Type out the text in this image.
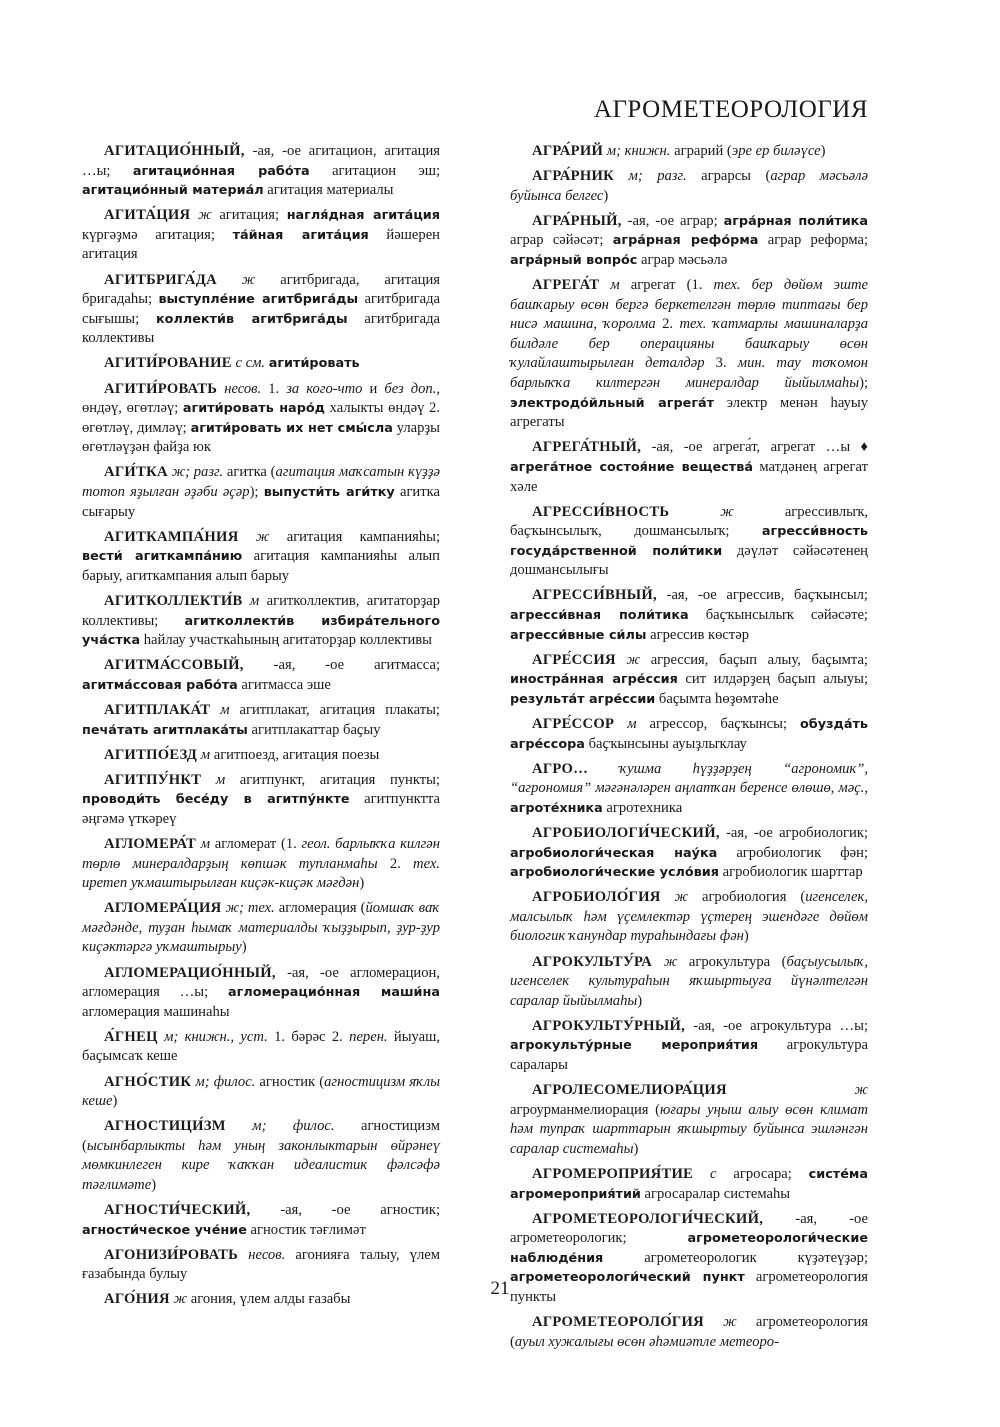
АГРОМЕТЕОРОЛОГИЯ

АГИТАЦИО́ННЫЙ, -ая, -ое агитацион, агитация …ы; агитацио́нная рабо́та агитацион эш; агитацио́нный материа́л агитация материалы

АГИТА́ЦИЯ ж агитация; нагля́дная агита́ция күргәҙмә агитация; та́йная агита́ция йәшерен агитация

АГИТБРИГА́ДА ж агитбригада, агитация бригадаһы; выступле́ние агитбрига́ды агитбригада сығышы; коллекти́в агитбрига́ды агитбригада коллективы

АГИТИ́РОВАНИЕ с см. агити́ровать

АГИТИ́РОВАТЬ несов. 1. за кого-что и без доп., өндәү, өгөтләү; агити́ровать наро́д халыкты өндәү 2. өгөтләү, димләү; агити́ровать их нет смы́сла уларҙы өгөтләүҙән файҙа юк

АГИ́ТКА ж; разг. агитка (агитация маҡсатын күҙҙә тотоп яҙылған әҙәби әҫәр); выпусти́ть аги́тку агитка сығарыу

АГИТКАМПА́НИЯ ж агитация кампанияһы; вести́ агиткампа́нию агитация кампанияһы алып барыу, агиткампания алып барыу

АГИТКОЛЛЕКТИ́В м агитколлектив, агитаторҙар коллективы; агитколлекти́в избира́тельного уча́стка һайлау участкаһының агитаторҙар коллективы

АГИТМА́ССОВЫЙ, -ая, -ое агитмасса; агитма́ссовая рабо́та агитмасса эше

АГИТПЛАКА́Т м агитплакат, агитация плакаты; печа́тать агитплака́ты агитплакаттар баҫыу

АГИТПО́ЕЗД м агитпоезд, агитация поезы

АГИТПУ́НКТ м агитпункт, агитация пункты; проводи́ть бесе́ду в агитпу́нкте агитпунктта әңгәмә үткәреү

АГЛОМЕРА́Т м агломерат (1. геол. барлыҡҡа килгән төрлө минералдарҙың көпшәк тупланмаһы 2. тех. иретеп уҡмаштырылған киҫәк-киҫәк мәғдән)

АГЛОМЕРА́ЦИЯ ж; тех. агломерация (йомшаҡ ваҡ мәғдәнде, туҙан һымаҡ материалды ҡыҙҙырып, ҙур-ҙур киҫәктәргә уҡмаштырыу)

АГЛОМЕРАЦИО́ННЫЙ, -ая, -ое агломерацион, агломерация …ы; агломерацио́нная маши́на агломерация машинаһы

А́ГНЕЦ м; книжн., уст. 1. бәрәс 2. перен. йыуаш, баҫымсаҡ кеше

АГНО́СТИК м; филос. агностик (агностицизм яҡлы кеше)

АГНОСТИЦИ́ЗМ м; филос. агностицизм (ысынбарлыкты һәм уның законлыктарын өйрәнеү мөмкинлеген кире ҡаҡҡан идеалистик фәлсәфә тәғлимәте)

АГНОСТИ́ЧЕСКИЙ, -ая, -ое агностик; агности́ческое уче́ние агностик тәғлимәт

АГОНИЗИ́РОВАТЬ несов. агонияға талыу, үлем ғазабында булыу

АГО́НИЯ ж агония, үлем алды ғазабы

АГРА́РИЙ м; книжн. аграрий (эре ер биләүсе)

АГРА́РНИК м; разг. аграрсы (аграр мәсьәлә буйынса белгес)

АГРА́РНЫЙ, -ая, -ое аграр; агра́рная поли́тика аграр сәйәсәт; агра́рная рефо́рма аграр реформа; агра́рный вопро́с аграр мәсьәлә

АГРЕГА́Т м агрегат (1. тех. бер дөйөм эште башҡарыу өсөн бергә беркетелгән төрлө типтағы бер нисә машина, ҡоролма 2. тех. ҡатмарлы машиналарҙа билдәле бер операцияны башҡарыу өсөн ҡулайлаштырылған деталдәр 3. мин. тау тоҡомон барлыҡҡа килтергән минералдар йыйылмаһы); электродо́йльный агрега́т электр менән һауыу агрегаты

АГРЕГА́ТНЫЙ, -ая, -ое агрега́т, агрегат …ы ♦ агрега́тное состоя́ние вещества́ матдәнең агрегат хәле

АГРЕССИ́ВНОСТЬ	ж агрессивлыҡ, баҫҡынсылыҡ, дошмансылыҡ; агресси́вность госуда́рственной поли́тики дәүләт сәйәсәтенең дошмансылығы

АГРЕССИ́ВНЫЙ, -ая, -ое агрессив, баҫҡынсыл; агресси́вная поли́тика баҫҡынсылыҡ сәйәсәте; агресси́вные си́лы агрессив көстәр

АГРЕ́ССИЯ ж агрессия, баҫып алыу, баҫымта; иностра́нная агре́ссия сит илдәрҙең баҫып алыуы; результа́т агре́ссии баҫымта һөҙөмтәһе

АГРЕ́ССОР м агрессор, баҫҡынсы; обузда́ть агре́ссора баҫҡынсыны ауыҙлыҡлау

АГРО… ҡушма һүҙҙәрҙең “агрономик”, “агрономия” мәғәнәләрен аңлатҡан беренсе өлөшө, мәҫ., агроте́хника агротехника

АГРОБИОЛОГИ́ЧЕСКИЙ, -ая, -ое агробиологик; агробиологи́ческая нау́ка агробиологик фән; агробиологи́ческие усло́вия агробиологик шарттар

АГРОБИОЛО́ГИЯ ж агробиология (игенселек, малсылыҡ һәм үҫемлектәр үҫтерең эшендәге дөйөм биологик ҡанундар тураһындағы фән)

АГРОКУЛЬТУ́РА ж агрокультура (баҫыусылыҡ, игенселек культураһын яҡшыртыуға йүнәлтелгән саралар йыйылмаһы)

АГРОКУЛЬТУ́РНЫЙ, -ая, -ое агрокультура …ы; агрокульту́рные мероприя́тия агрокультура саралары

АГРОЛЕСОМЕЛИОРА́ЦИЯ	ж агроурманмелиорация (юғары уңыш алыу өсөн климат һәм тупраҡ шарттарын яҡшыртыу буйынса эшләнгән саралар системаһы)

АГРОМЕРОПРИЯ́ТИЕ с агросара; систе́ма агромероприя́тий агросаралар системаһы

АГРОМЕТЕОРОЛОГИ́ЧЕСКИЙ, -ая, -ое агрометеорологик; агрометеорологи́ческие наблюде́ния агрометеорологик күҙәтеүҙәр; агрометеорологи́ческий пункт агрометеорология пункты

АГРОМЕТЕОРОЛО́ГИЯ ж агрометеорология (ауыл хужалығы өсөн әһәмиәтле метеоро-

21
